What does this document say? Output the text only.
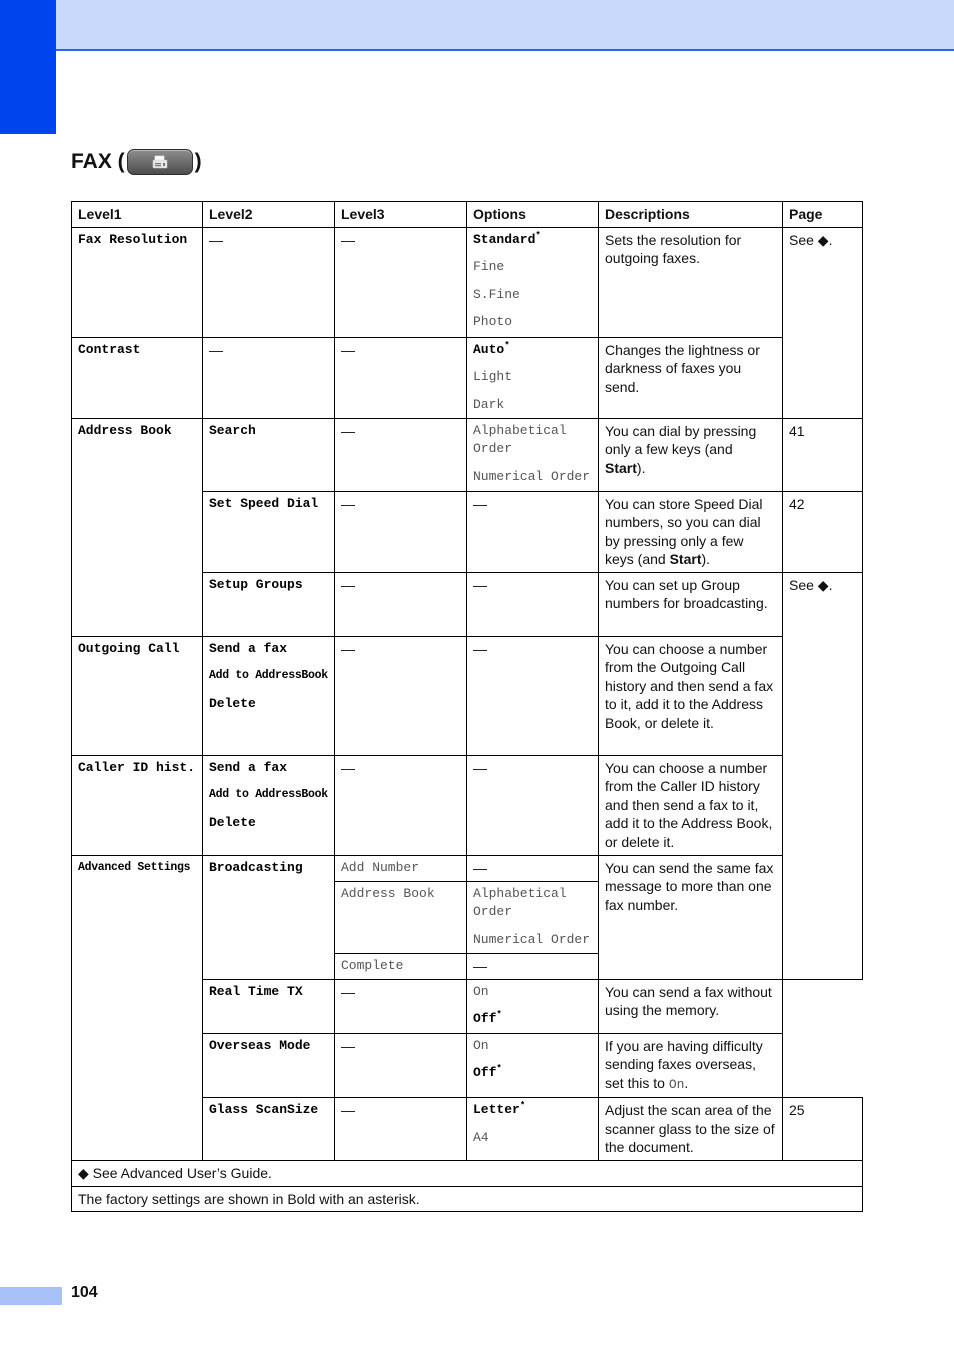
FAX (	)
Level1	Level2	Level3	Options	Descriptions	Page
Fax Resolution	—	—	Standard*
Fine
S.Fine
Photo	Sets the resolution for outgoing faxes.	See ◆.
Contrast	—	—	Auto*
Light
Dark	Changes the lightness or darkness of faxes you send.	
Address Book	Search	—	Alphabetical Order
Numerical Order	You can dial by pressing only a few keys (and Start).	41
	Set Speed Dial	—	—	You can store Speed Dial numbers, so you can dial by pressing only a few keys (and Start).	42
	Setup Groups	—	—	You can set up Group numbers for broadcasting.	See ◆.
Outgoing Call	Send a fax
Add to AddressBook
Delete	—	—	You can choose a number from the Outgoing Call history and then send a fax to it, add it to the Address Book, or delete it.	
Caller ID hist.	Send a fax
Add to AddressBook
Delete	—	—	You can choose a number from the Caller ID history and then send a fax to it, add it to the Address Book, or delete it.	
Advanced Settings	Broadcasting	Add Number	—	You can send the same fax message to more than one fax number.	
		Address Book	Alphabetical Order
Numerical Order		

		Complete	—		
	Real Time TX	—	On
Off*	You can send a fax without using the memory.	
	Overseas Mode	—	On
Off*	If you are having difficulty sending faxes overseas, set this to On.	
	Glass ScanSize	—	Letter*
A4	Adjust the scan area of the scanner glass to the size of the document.	25
◆ See Advanced User’s Guide.					
The factory settings are shown in Bold with an asterisk.					
104
